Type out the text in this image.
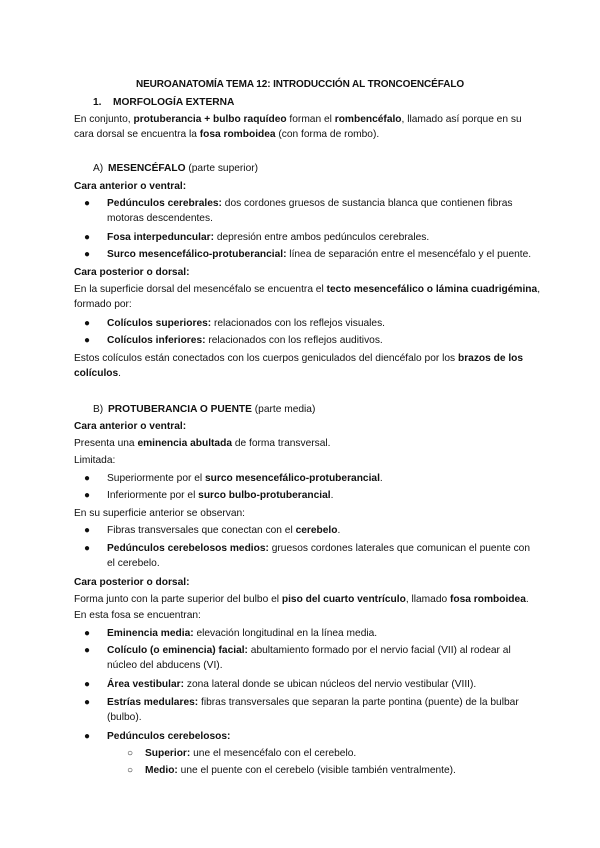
NEUROANATOMÍA TEMA 12: INTRODUCCIÓN AL TRONCOENCÉFALO
1. MORFOLOGÍA EXTERNA
En conjunto, protuberancia + bulbo raquídeo forman el rombencéfalo, llamado así porque en su cara dorsal se encuentra la fosa romboidea (con forma de rombo).
A) MESENCÉFALO (parte superior)
Cara anterior o ventral:
●	Pedúnculos cerebrales: dos cordones gruesos de sustancia blanca que contienen fibras motoras descendentes.
●	Fosa interpeduncular: depresión entre ambos pedúnculos cerebrales.
●	Surco mesencefálico-protuberancial: línea de separación entre el mesencéfalo y el puente.
Cara posterior o dorsal:
En la superficie dorsal del mesencéfalo se encuentra el tecto mesencefálico o lámina cuadrigémina, formado por:
●	Colículos superiores: relacionados con los reflejos visuales.
●	Colículos inferiores: relacionados con los reflejos auditivos.
Estos colículos están conectados con los cuerpos geniculados del diencéfalo por los brazos de los colículos.
B) PROTUBERANCIA O PUENTE (parte media)
Cara anterior o ventral:
Presenta una eminencia abultada de forma transversal.
Limitada:
●	Superiormente por el surco mesencefálico-protuberancial.
●	Inferiormente por el surco bulbo-protuberancial.
En su superficie anterior se observan:
●	Fibras transversales que conectan con el cerebelo.
●	Pedúnculos cerebelosos medios: gruesos cordones laterales que comunican el puente con el cerebelo.
Cara posterior o dorsal:
Forma junto con la parte superior del bulbo el piso del cuarto ventrículo, llamado fosa romboidea.
En esta fosa se encuentran:
●	Eminencia media: elevación longitudinal en la línea media.
●	Colículo (o eminencia) facial: abultamiento formado por el nervio facial (VII) al rodear al núcleo del abducens (VI).
●	Área vestibular: zona lateral donde se ubican núcleos del nervio vestibular (VIII).
●	Estrías medulares: fibras transversales que separan la parte pontina (puente) de la bulbar (bulbo).
●	Pedúnculos cerebelosos:
○	Superior: une el mesencéfalo con el cerebelo.
○	Medio: une el puente con el cerebelo (visible también ventralmente).
